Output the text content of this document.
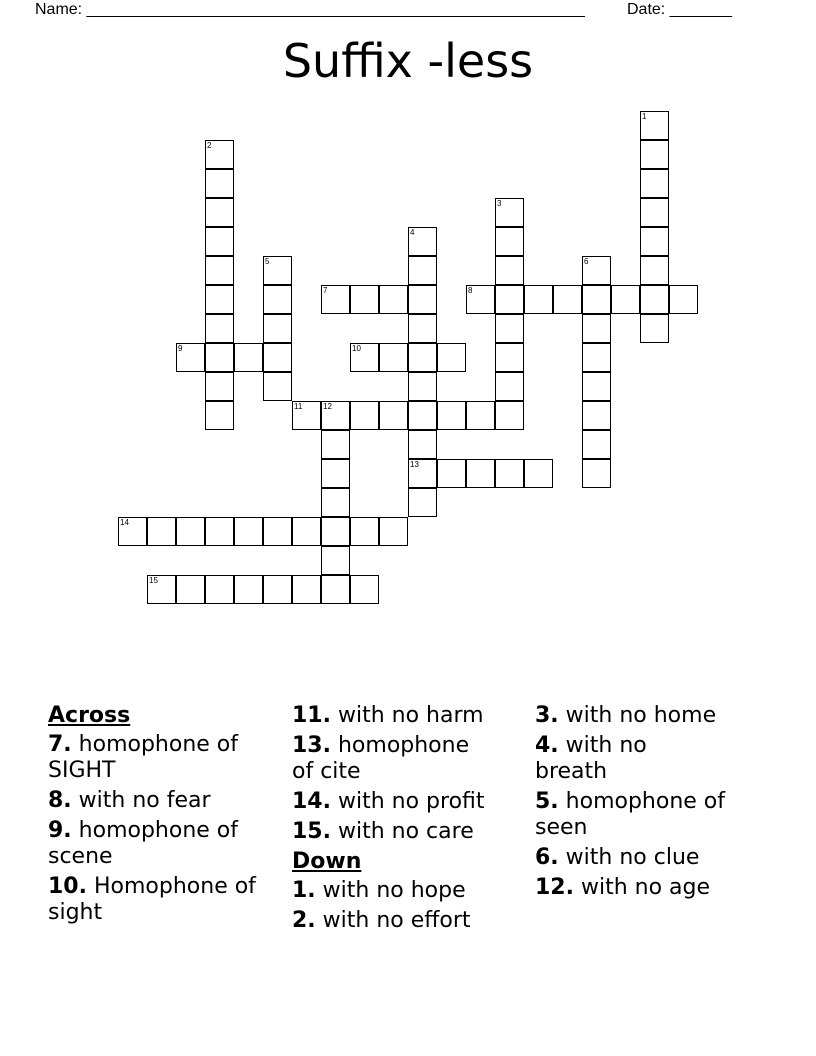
Name: ________________________________________________________	Date: _______
Suffix -less
1
2
3
4
13
5	6
7	8
9	10
11	12
14
15
Across
7. homophone of SIGHT
8. with no fear
9. homophone of scene
10. Homophone of sight
11. with no harm
13. homophone of cite
14. with no profit
15. with no care
Down
1. with no hope
2. with no effort
3. with no home
4. with no breath
5. homophone of seen
6. with no clue
12. with no age
